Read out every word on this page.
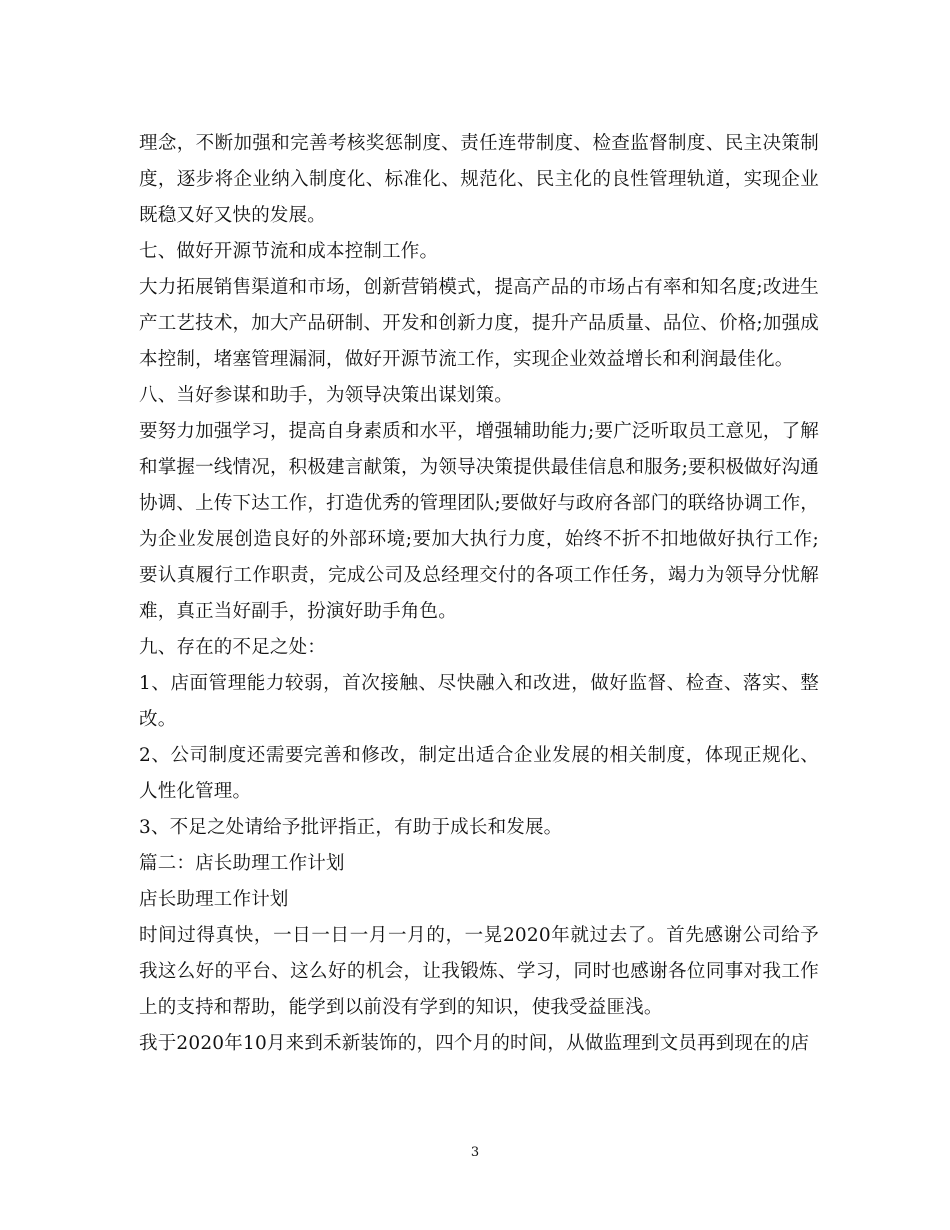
理念，不断加强和完善考核奖惩制度、责任连带制度、检查监督制度、民主决策制度，逐步将企业纳入制度化、标准化、规范化、民主化的良性管理轨道，实现企业既稳又好又快的发展。

七、做好开源节流和成本控制工作。

大力拓展销售渠道和市场，创新营销模式，提高产品的市场占有率和知名度;改进生产工艺技术，加大产品研制、开发和创新力度，提升产品质量、品位、价格;加强成本控制，堵塞管理漏洞，做好开源节流工作，实现企业效益增长和利润最佳化。

八、当好参谋和助手，为领导决策出谋划策。

要努力加强学习，提高自身素质和水平，增强辅助能力;要广泛听取员工意见，了解和掌握一线情况，积极建言献策，为领导决策提供最佳信息和服务;要积极做好沟通协调、上传下达工作，打造优秀的管理团队;要做好与政府各部门的联络协调工作，为企业发展创造良好的外部环境;要加大执行力度，始终不折不扣地做好执行工作;要认真履行工作职责，完成公司及总经理交付的各项工作任务，竭力为领导分忧解难，真正当好副手，扮演好助手角色。

九、存在的不足之处：

1、店面管理能力较弱，首次接触、尽快融入和改进，做好监督、检查、落实、整改。

2、公司制度还需要完善和修改，制定出适合企业发展的相关制度，体现正规化、人性化管理。

3、不足之处请给予批评指正，有助于成长和发展。

篇二：店长助理工作计划

店长助理工作计划

时间过得真快，一日一日一月一月的，一晃2020年就过去了。首先感谢公司给予我这么好的平台、这么好的机会，让我锻炼、学习，同时也感谢各位同事对我工作上的支持和帮助，能学到以前没有学到的知识，使我受益匪浅。

我于2020年10月来到禾新装饰的，四个月的时间，从做监理到文员再到现在的店

3
